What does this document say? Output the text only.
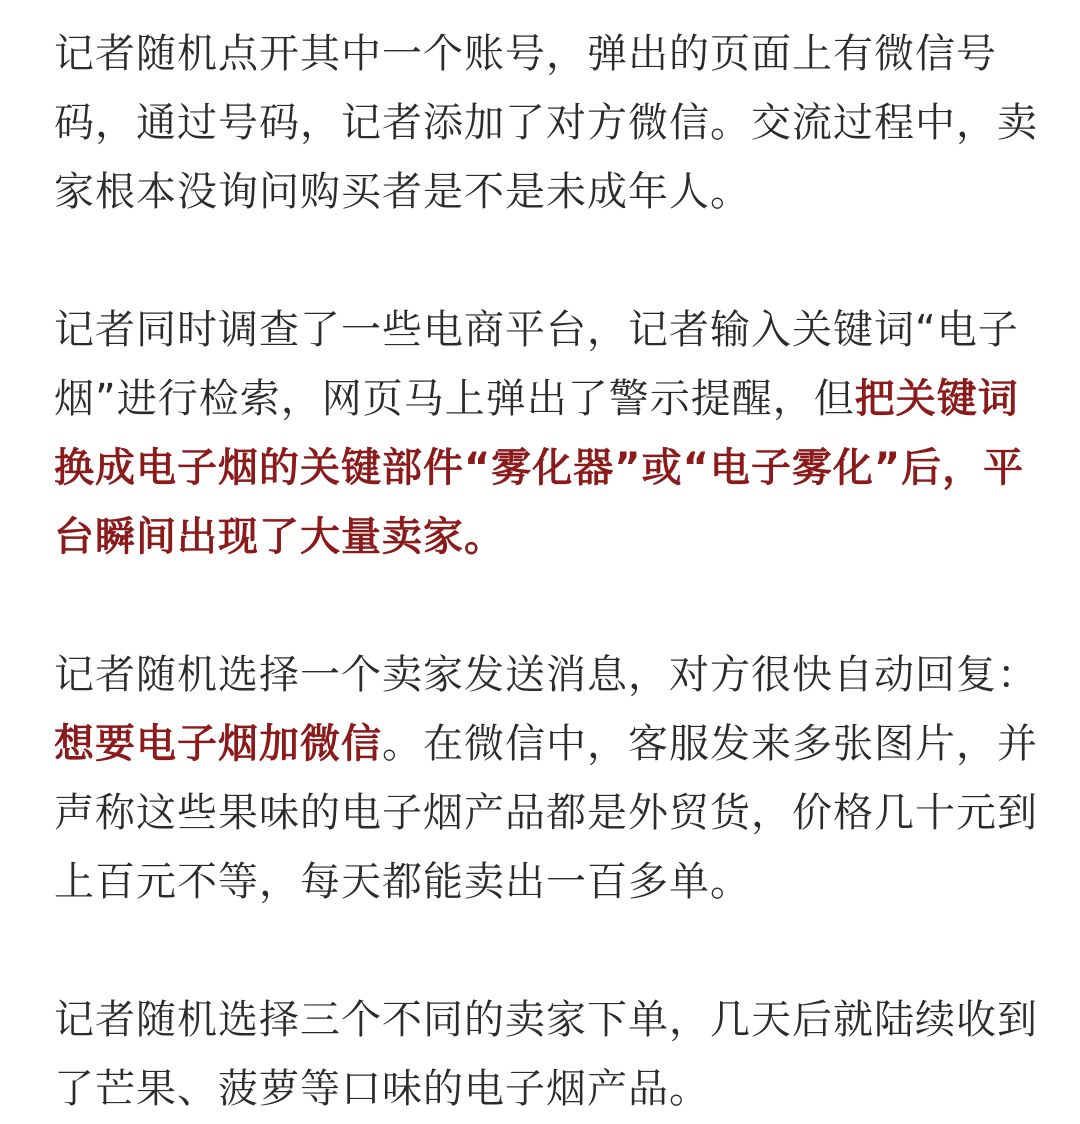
记者随机点开其中一个账号，弹出的页面上有微信号码，通过号码，记者添加了对方微信。交流过程中，卖家根本没询问购买者是不是未成年人。

记者同时调查了一些电商平台，记者输入关键词“电子烟”进行检索，网页马上弹出了警示提醒，但把关键词换成电子烟的关键部件“雾化器”或“电子雾化”后，平台瞬间出现了大量卖家。

记者随机选择一个卖家发送消息，对方很快自动回复：想要电子烟加微信。在微信中，客服发来多张图片，并声称这些果味的电子烟产品都是外贸货，价格几十元到上百元不等，每天都能卖出一百多单。

记者随机选择三个不同的卖家下单，几天后就陆续收到了芒果、菠萝等口味的电子烟产品。
